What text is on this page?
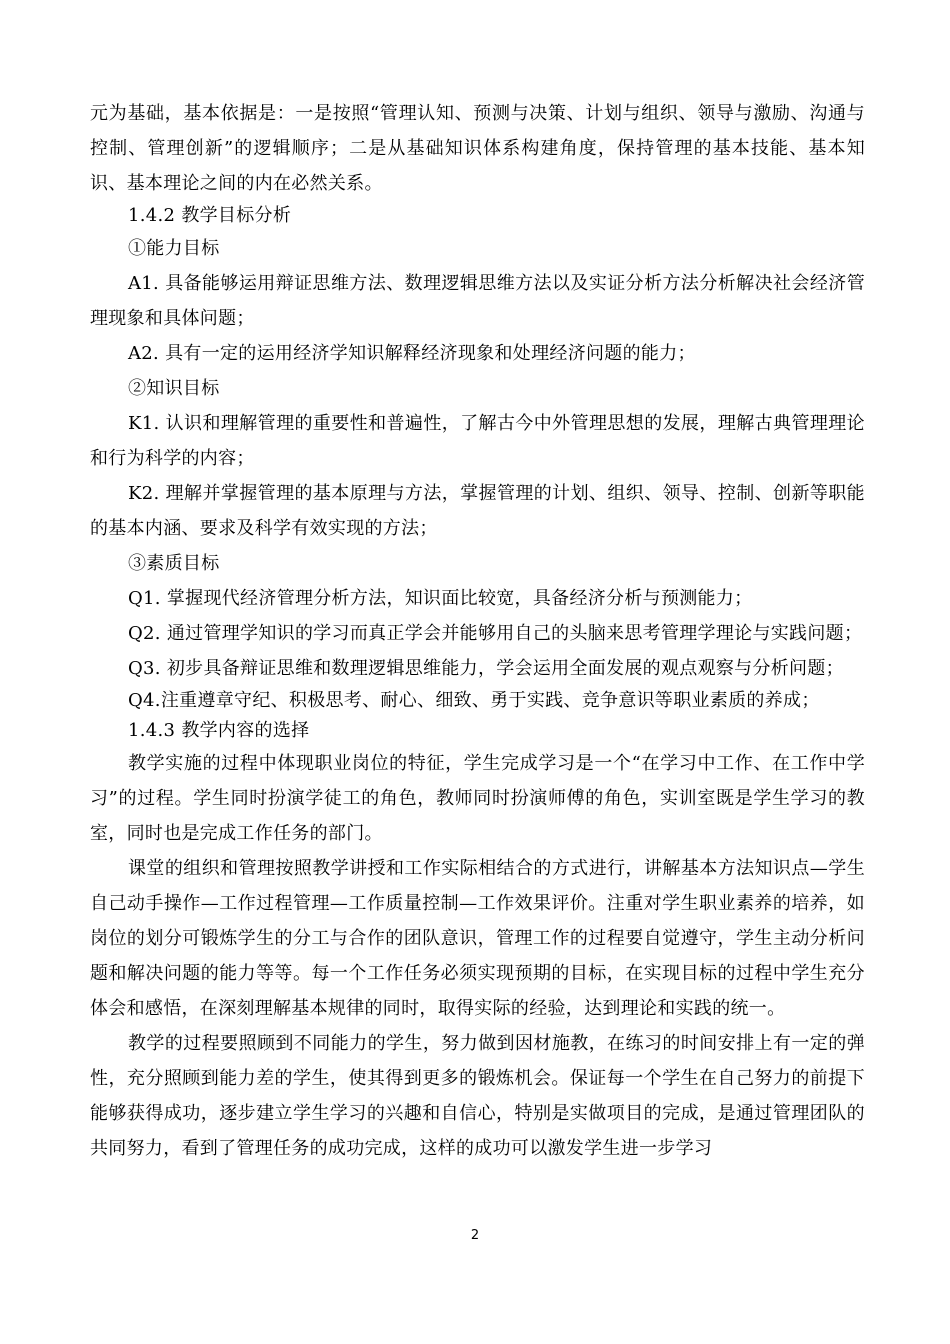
元为基础，基本依据是：一是按照“管理认知、预测与决策、计划与组织、领导与激励、沟通与控制、管理创新”的逻辑顺序；二是从基础知识体系构建角度，保持管理的基本技能、基本知识、基本理论之间的内在必然关系。

1.4.2 教学目标分析

①能力目标

A1. 具备能够运用辩证思维方法、数理逻辑思维方法以及实证分析方法分析解决社会经济管理现象和具体问题；

A2. 具有一定的运用经济学知识解释经济现象和处理经济问题的能力；

②知识目标

K1. 认识和理解管理的重要性和普遍性，了解古今中外管理思想的发展，理解古典管理理论和行为科学的内容；

K2. 理解并掌握管理的基本原理与方法，掌握管理的计划、组织、领导、控制、创新等职能的基本内涵、要求及科学有效实现的方法；

③素质目标

Q1. 掌握现代经济管理分析方法，知识面比较宽，具备经济分析与预测能力；

Q2. 通过管理学知识的学习而真正学会并能够用自己的头脑来思考管理学理论与实践问题；

Q3. 初步具备辩证思维和数理逻辑思维能力，学会运用全面发展的观点观察与分析问题；

Q4.注重遵章守纪、积极思考、耐心、细致、勇于实践、竞争意识等职业素质的养成；

1.4.3 教学内容的选择

教学实施的过程中体现职业岗位的特征，学生完成学习是一个“在学习中工作、在工作中学习”的过程。学生同时扮演学徒工的角色，教师同时扮演师傅的角色，实训室既是学生学习的教室，同时也是完成工作任务的部门。

课堂的组织和管理按照教学讲授和工作实际相结合的方式进行，讲解基本方法知识点—学生自己动手操作—工作过程管理—工作质量控制—工作效果评价。注重对学生职业素养的培养，如岗位的划分可锻炼学生的分工与合作的团队意识，管理工作的过程要自觉遵守，学生主动分析问题和解决问题的能力等等。每一个工作任务必须实现预期的目标，在实现目标的过程中学生充分体会和感悟，在深刻理解基本规律的同时，取得实际的经验，达到理论和实践的统一。

教学的过程要照顾到不同能力的学生，努力做到因材施教，在练习的时间安排上有一定的弹性，充分照顾到能力差的学生，使其得到更多的锻炼机会。保证每一个学生在自己努力的前提下能够获得成功，逐步建立学生学习的兴趣和自信心，特别是实做项目的完成，是通过管理团队的共同努力，看到了管理任务的成功完成，这样的成功可以激发学生进一步学习

2
